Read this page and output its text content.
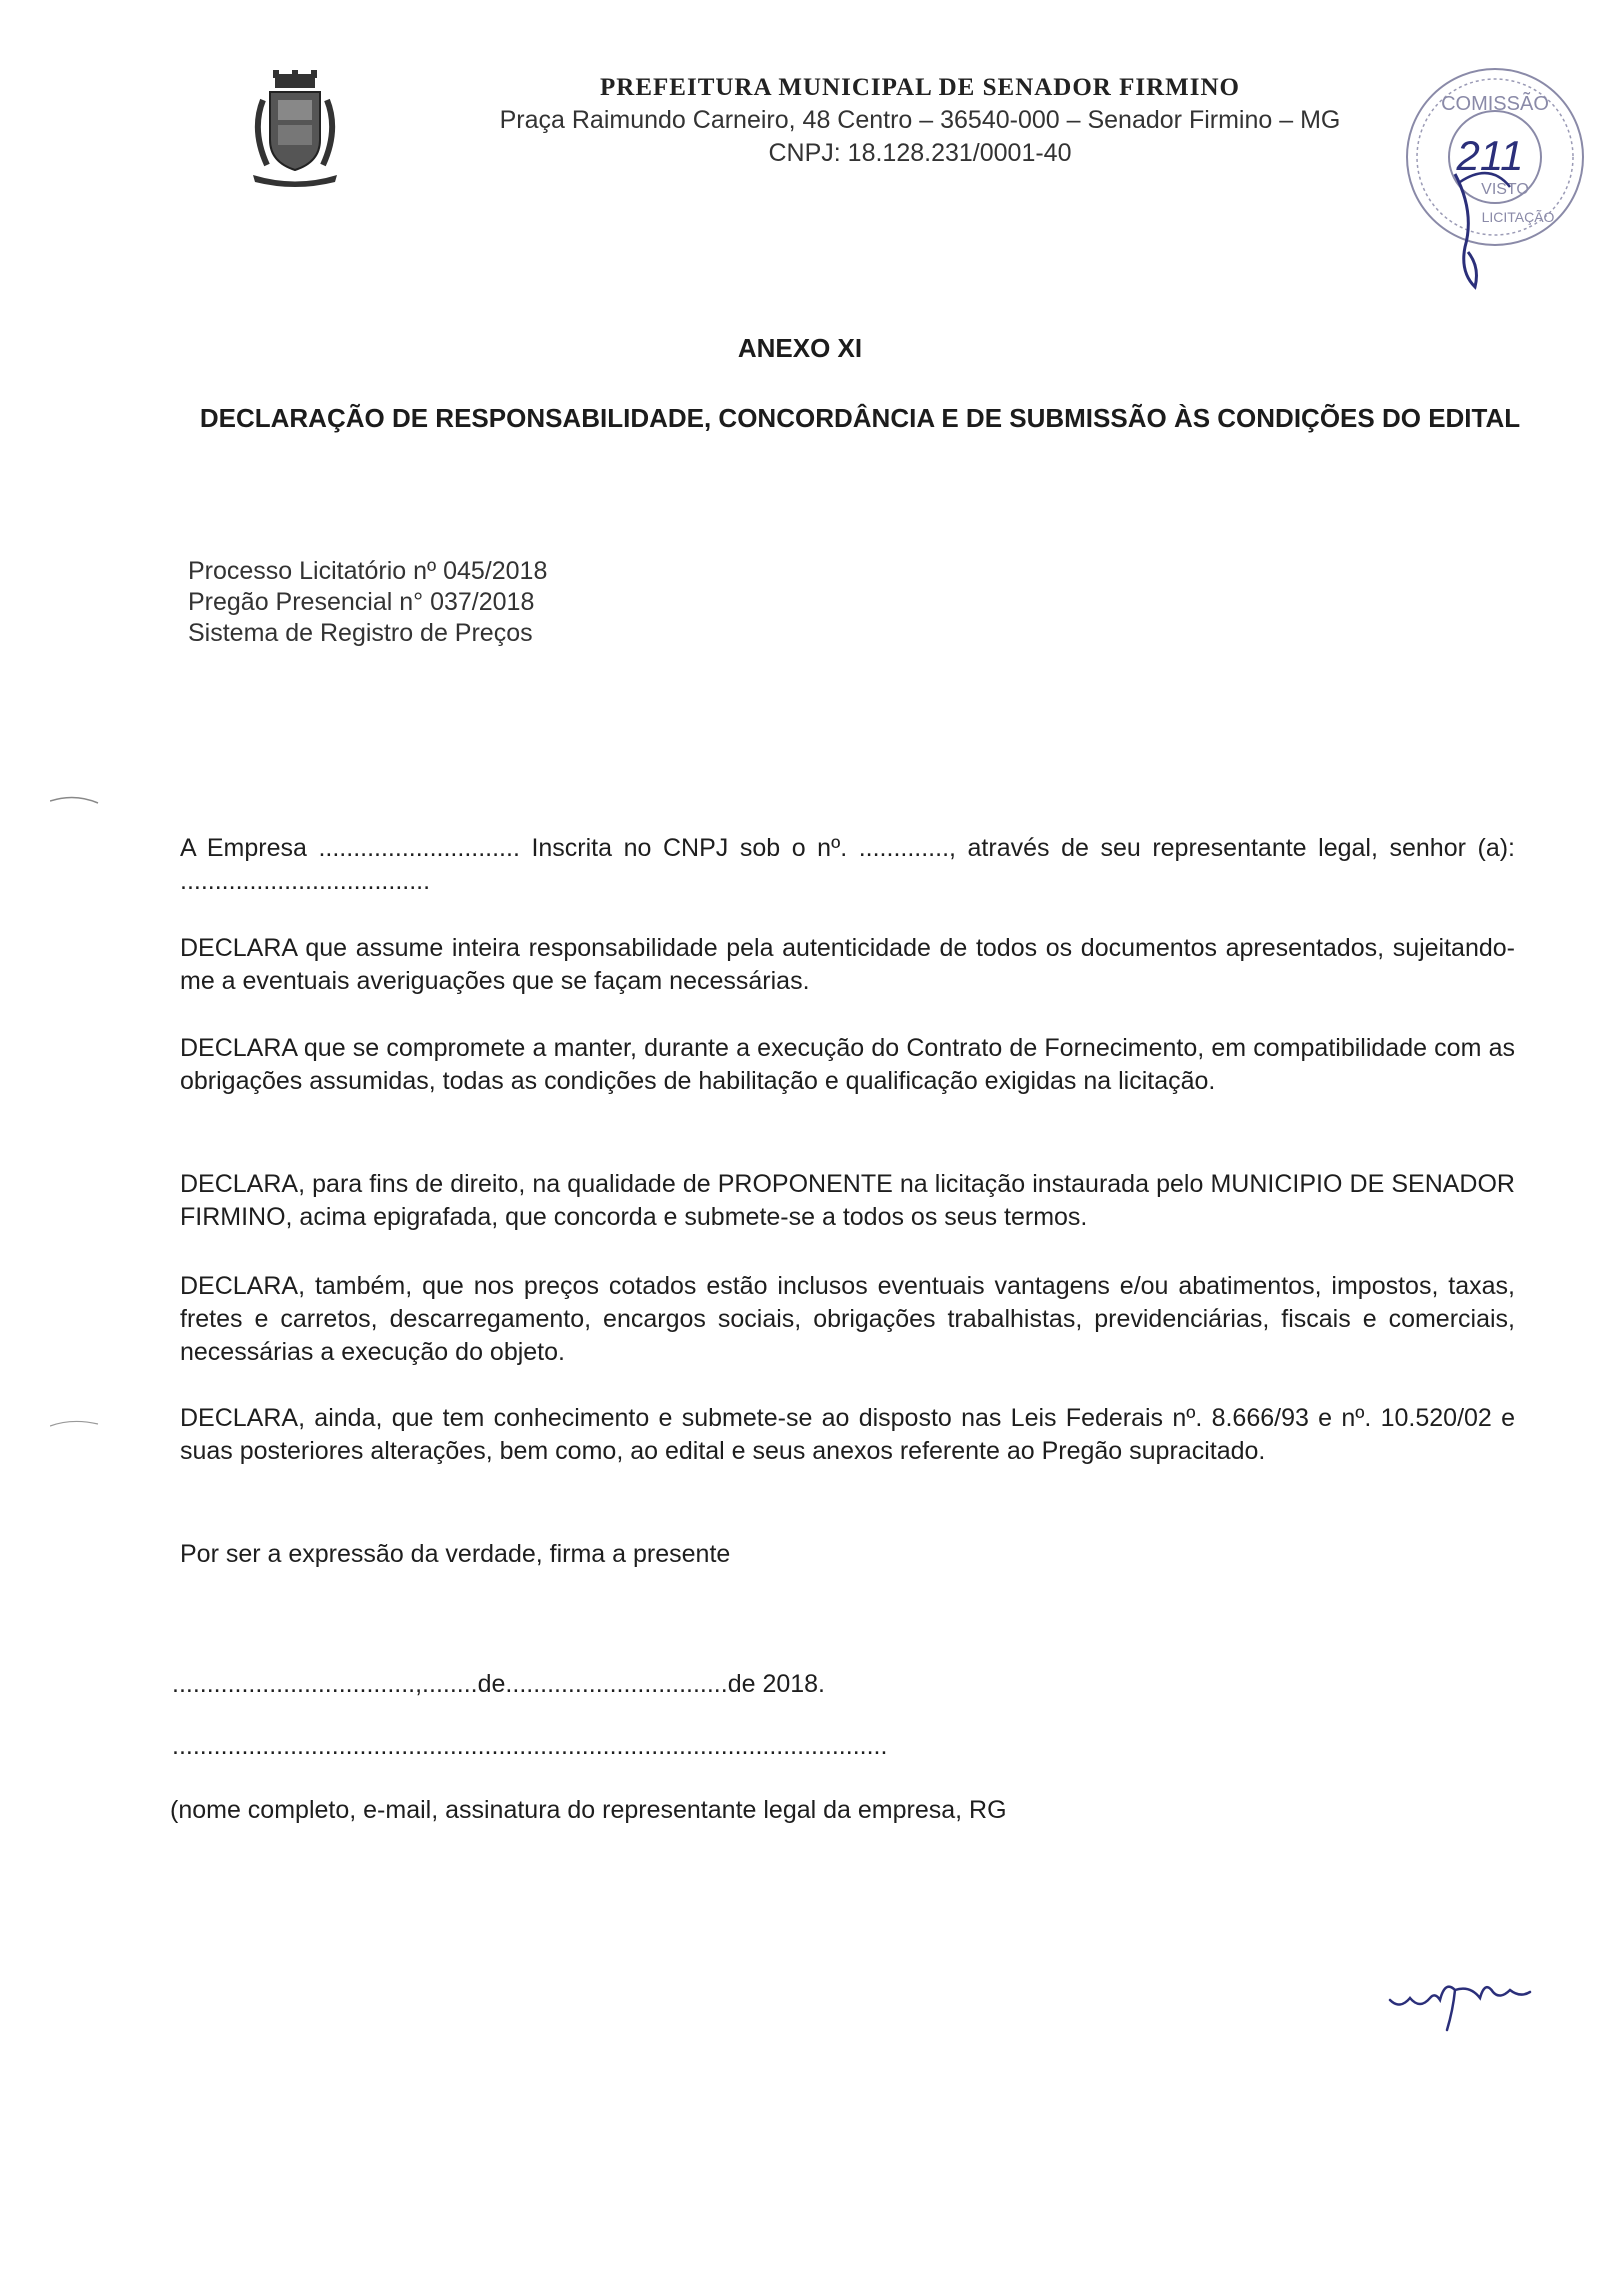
PREFEITURA MUNICIPAL DE SENADOR FIRMINO
Praça Raimundo Carneiro, 48 Centro – 36540-000 – Senador Firmino – MG
CNPJ: 18.128.231/0001-40
COMISSÃO
211
VISTO
LICITAÇÃO
ANEXO XI
DECLARAÇÃO DE RESPONSABILIDADE, CONCORDÂNCIA E DE SUBMISSÃO ÀS CONDIÇÕES DO EDITAL
Processo Licitatório nº 045/2018
Pregão Presencial n° 037/2018
Sistema de Registro de Preços
A Empresa ............................. Inscrita no CNPJ sob o nº. ............., através de seu representante legal, senhor (a): ....................................
DECLARA que assume inteira responsabilidade pela autenticidade de todos os documentos apresentados, sujeitando-me a eventuais averiguações que se façam necessárias.
DECLARA que se compromete a manter, durante a execução do Contrato de Fornecimento, em compatibilidade com as obrigações assumidas, todas as condições de habilitação e qualificação exigidas na licitação.
DECLARA, para fins de direito, na qualidade de PROPONENTE na licitação instaurada pelo MUNICIPIO DE SENADOR FIRMINO, acima epigrafada, que concorda e submete-se a todos os seus termos.
DECLARA, também, que nos preços cotados estão inclusos eventuais vantagens e/ou abatimentos, impostos, taxas, fretes e carretos, descarregamento, encargos sociais, obrigações trabalhistas, previdenciárias, fiscais e comerciais, necessárias a execução do objeto.
DECLARA, ainda, que tem conhecimento e submete-se ao disposto nas Leis Federais nº. 8.666/93 e nº. 10.520/02 e suas posteriores alterações, bem como, ao edital e seus anexos referente ao Pregão supracitado.
Por ser a expressão da verdade, firma a presente
...................................,........de................................de 2018.
.......................................................................................................
(nome completo, e-mail, assinatura do representante legal da empresa, RG
